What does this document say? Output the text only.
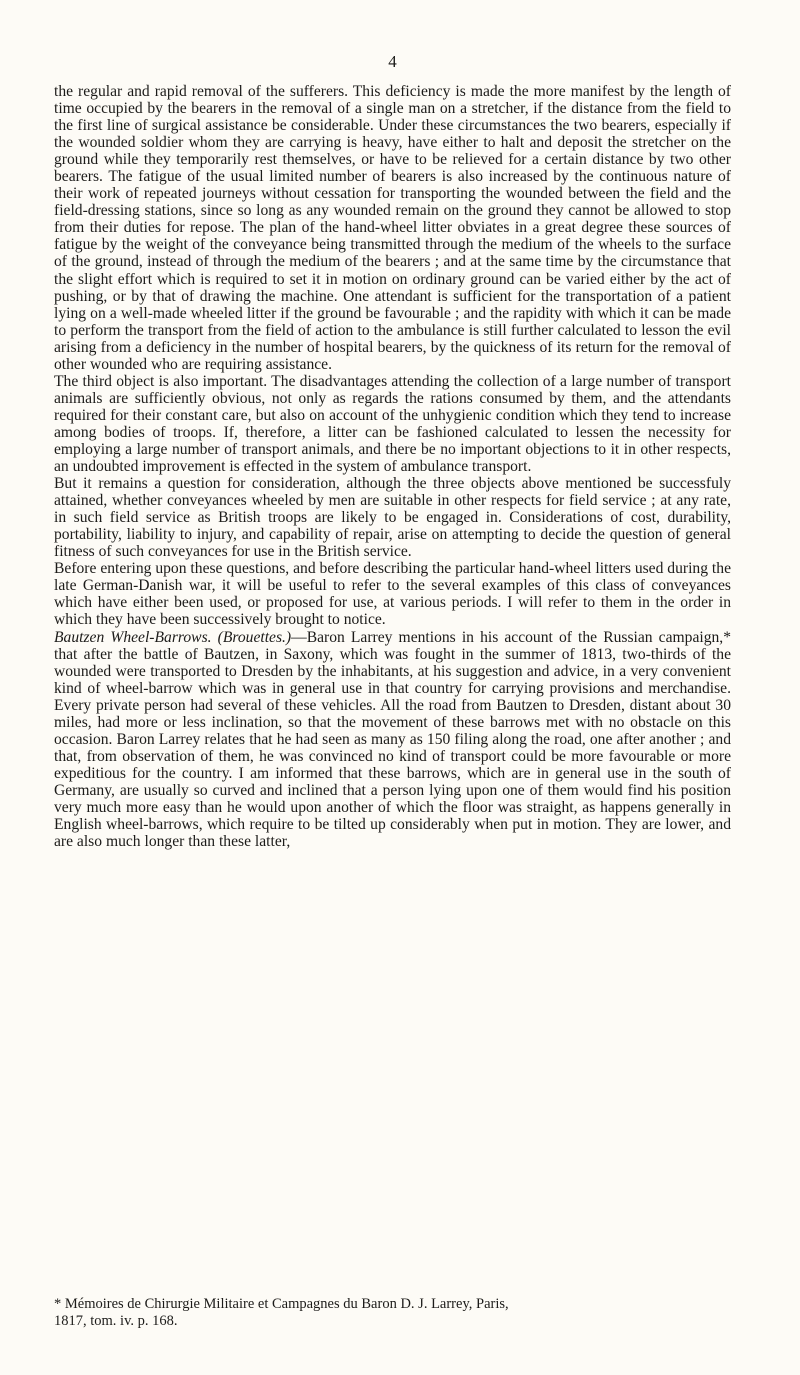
4

the regular and rapid removal of the sufferers. This deficiency is made the more manifest by the length of time occupied by the bearers in the removal of a single man on a stretcher, if the distance from the field to the first line of surgical assistance be considerable. Under these circumstances the two bearers, especially if the wounded soldier whom they are carrying is heavy, have either to halt and deposit the stretcher on the ground while they temporarily rest themselves, or have to be relieved for a certain distance by two other bearers. The fatigue of the usual limited number of bearers is also increased by the continuous nature of their work of repeated journeys without cessation for transporting the wounded between the field and the field-dressing stations, since so long as any wounded remain on the ground they cannot be allowed to stop from their duties for repose. The plan of the hand-wheel litter obviates in a great degree these sources of fatigue by the weight of the conveyance being transmitted through the medium of the wheels to the surface of the ground, instead of through the medium of the bearers ; and at the same time by the circumstance that the slight effort which is required to set it in motion on ordinary ground can be varied either by the act of pushing, or by that of drawing the machine. One attendant is sufficient for the transportation of a patient lying on a well-made wheeled litter if the ground be favourable ; and the rapidity with which it can be made to perform the transport from the field of action to the ambulance is still further calculated to lesson the evil arising from a deficiency in the number of hospital bearers, by the quickness of its return for the removal of other wounded who are requiring assistance.

The third object is also important. The disadvantages attending the collection of a large number of transport animals are sufficiently obvious, not only as regards the rations consumed by them, and the attendants required for their constant care, but also on account of the unhygienic condition which they tend to increase among bodies of troops. If, therefore, a litter can be fashioned calculated to lessen the necessity for employing a large number of transport animals, and there be no important objections to it in other respects, an undoubted improvement is effected in the system of ambulance transport.

But it remains a question for consideration, although the three objects above mentioned be successfuly attained, whether conveyances wheeled by men are suitable in other respects for field service ; at any rate, in such field service as British troops are likely to be engaged in. Considerations of cost, durability, portability, liability to injury, and capability of repair, arise on attempting to decide the question of general fitness of such conveyances for use in the British service.

Before entering upon these questions, and before describing the particular hand-wheel litters used during the late German-Danish war, it will be useful to refer to the several examples of this class of conveyances which have either been used, or proposed for use, at various periods. I will refer to them in the order in which they have been successively brought to notice.

Bautzen Wheel-Barrows. (Brouettes.)—Baron Larrey mentions in his account of the Russian campaign,* that after the battle of Bautzen, in Saxony, which was fought in the summer of 1813, two-thirds of the wounded were transported to Dresden by the inhabitants, at his suggestion and advice, in a very convenient kind of wheel-barrow which was in general use in that country for carrying provisions and merchandise. Every private person had several of these vehicles. All the road from Bautzen to Dresden, distant about 30 miles, had more or less inclination, so that the movement of these barrows met with no obstacle on this occasion. Baron Larrey relates that he had seen as many as 150 filing along the road, one after another ; and that, from observation of them, he was convinced no kind of transport could be more favourable or more expeditious for the country. I am informed that these barrows, which are in general use in the south of Germany, are usually so curved and inclined that a person lying upon one of them would find his position very much more easy than he would upon another of which the floor was straight, as happens generally in English wheel-barrows, which require to be tilted up considerably when put in motion. They are lower, and are also much longer than these latter,

* Mémoires de Chirurgie Militaire et Campagnes du Baron D. J. Larrey, Paris,
1817, tom. iv. p. 168.
